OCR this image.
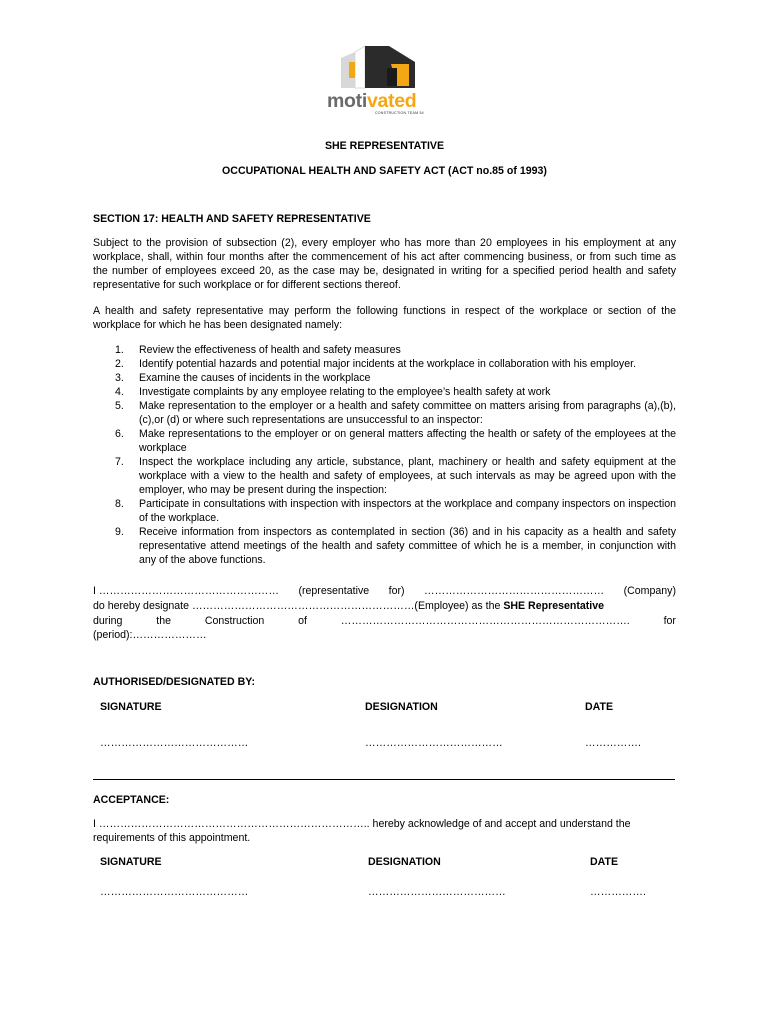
motivated
CONSTRUCTION TEAM 54
SHE REPRESENTATIVE
OCCUPATIONAL HEALTH AND SAFETY ACT (ACT no.85 of 1993)
SECTION 17: HEALTH AND SAFETY REPRESENTATIVE
Subject to the provision of subsection (2), every employer who has more than 20 employees in his employment at any workplace, shall, within four months after the commencement of his act after commencing business, or from such time as the number of employees exceed 20, as the case may be, designated in writing for a specified period health and safety representative for such workplace or for different sections thereof.
A health and safety representative may perform the following functions in respect of the workplace or section of the workplace for which he has been designated namely:
1. Review the effectiveness of health and safety measures
2. Identify potential hazards and potential major incidents at the workplace in collaboration with his employer.
3. Examine the causes of incidents in the workplace
4. Investigate complaints by any employee relating to the employee’s health safety at work
5. Make representation to the employer or a health and safety committee on matters arising from paragraphs (a),(b),(c),or (d) or where such representations are unsuccessful to an inspector:
6. Make representations to the employer or on general matters affecting the health or safety of the employees at the workplace
7. Inspect the workplace including any article, substance, plant, machinery or health and safety equipment at the workplace with a view to the health and safety of employees, at such intervals as may be agreed upon with the employer, who may be present during the inspection:
8. Participate in consultations with inspection with inspectors at the workplace and company inspectors on inspection of the workplace.
9. Receive information from inspectors as contemplated in section (36) and in his capacity as a health and safety representative attend meetings of the health and safety committee of which he is a member, in conjunction with any of the above functions.
I …………………………………………… (representative for) …………………………………………… (Company)
do hereby designate ………………………………………………………(Employee) as the SHE Representative
during	the	Construction	of	……………………………………………………………………….	for
(period):…………………
AUTHORISED/DESIGNATED BY:
SIGNATURE	DESIGNATION	DATE
……………………………………	…………………………………	…………….
ACCEPTANCE:
I ………………………………………………………………….. hereby acknowledge of and accept and understand the requirements of this appointment.
SIGNATURE	DESIGNATION	DATE
……………………………………	…………………………………	…………….
